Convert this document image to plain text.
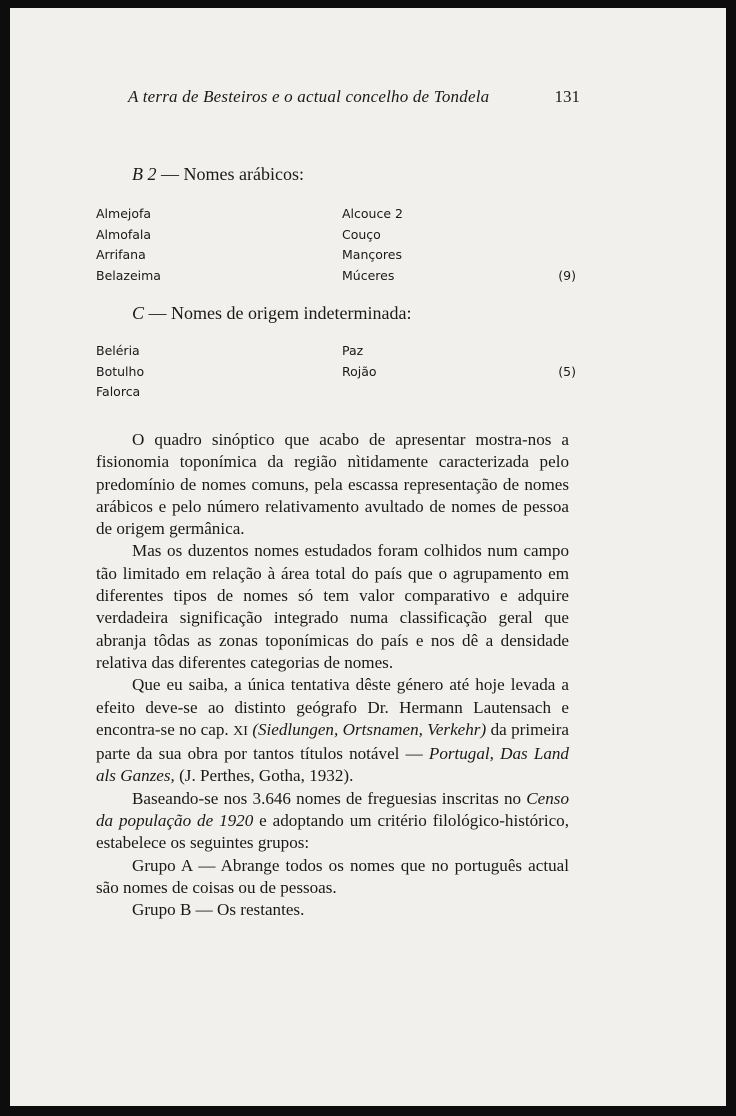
A terra de Besteiros e o actual concelho de Tondela	131
B 2 — Nomes arábicos:
Almejofa	Alcouce 2
Almofala	Couço
Arrifana	Mançores
Belazeima	Múceres	(9)
C — Nomes de origem indeterminada:
Beléria	Paz
Botulho	Rojão	(5)
Falorca

O quadro sinóptico que acabo de apresentar mostra-nos a fisionomia toponímica da região nìtidamente caracterizada pelo predomínio de nomes comuns, pela escassa representação de nomes arábicos e pelo número relativamento avultado de nomes de pessoa de origem germânica.

Mas os duzentos nomes estudados foram colhidos num campo tão limitado em relação à área total do país que o agrupamento em diferentes tipos de nomes só tem valor comparativo e adquire verdadeira significação integrado numa classificação geral que abranja tôdas as zonas toponímicas do país e nos dê a densidade relativa das diferentes categorias de nomes.

Que eu saiba, a única tentativa dêste género até hoje levada a efeito deve-se ao distinto geógrafo Dr. Hermann Lautensach e encontra-se no cap. XI (Siedlungen, Ortsnamen, Verkehr) da primeira parte da sua obra por tantos títulos notável — Portugal, Das Land als Ganzes, (J. Perthes, Gotha, 1932).

Baseando-se nos 3.646 nomes de freguesias inscritas no Censo da população de 1920 e adoptando um critério filológico-histórico, estabelece os seguintes grupos:

Grupo A — Abrange todos os nomes que no português actual são nomes de coisas ou de pessoas.

Grupo B — Os restantes.
